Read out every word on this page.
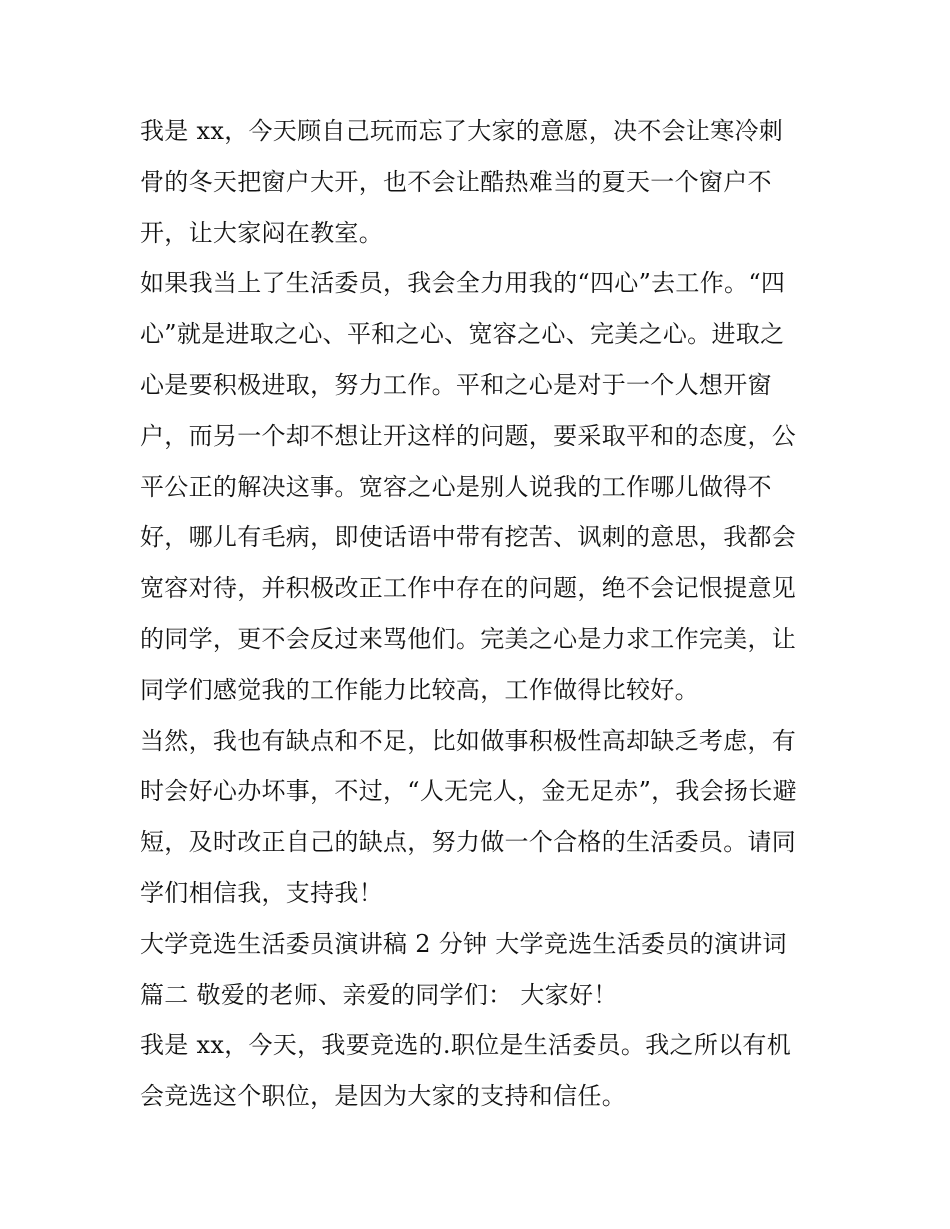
我是 xx，今天顾自己玩而忘了大家的意愿，决不会让寒冷刺
骨的冬天把窗户大开，也不会让酷热难当的夏天一个窗户不
开，让大家闷在教室。
如果我当上了生活委员，我会全力用我的“四心”去工作。“四
心”就是进取之心、平和之心、宽容之心、完美之心。进取之
心是要积极进取，努力工作。平和之心是对于一个人想开窗
户，而另一个却不想让开这样的问题，要采取平和的态度，公
平公正的解决这事。宽容之心是别人说我的工作哪儿做得不
好，哪儿有毛病，即使话语中带有挖苦、讽刺的意思，我都会
宽容对待，并积极改正工作中存在的问题，绝不会记恨提意见
的同学，更不会反过来骂他们。完美之心是力求工作完美，让
同学们感觉我的工作能力比较高，工作做得比较好。
当然，我也有缺点和不足，比如做事积极性高却缺乏考虑，有
时会好心办坏事，不过，“人无完人，金无足赤”，我会扬长避
短，及时改正自己的缺点，努力做一个合格的生活委员。请同
学们相信我，支持我！
大学竞选生活委员演讲稿 2 分钟 大学竞选生活委员的演讲词
篇二 敬爱的老师、亲爱的同学们： 大家好！
我是 xx，今天，我要竞选的.职位是生活委员。我之所以有机
会竞选这个职位，是因为大家的支持和信任。
